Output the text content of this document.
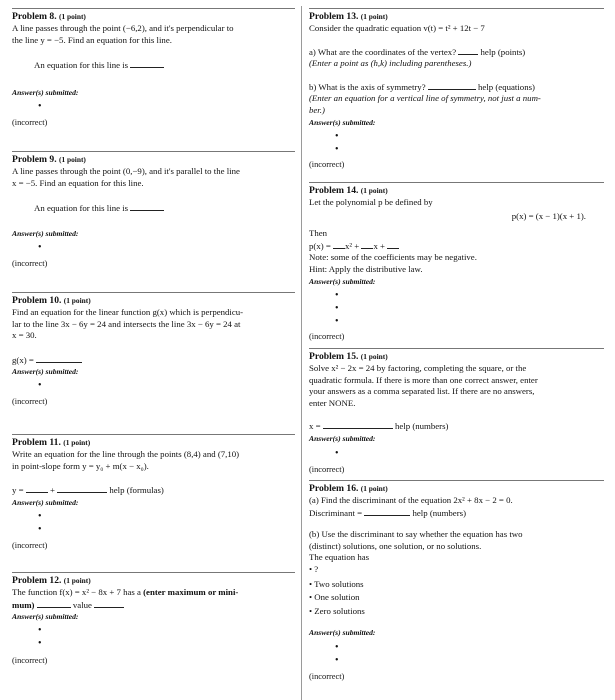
Problem 8. (1 point)
A line passes through the point (−6,2), and it's perpendicular to
the line y = −5. Find an equation for this line.
An equation for this line is
Answer(s) submitted:
•
(incorrect)
Problem 9. (1 point)
A line passes through the point (0,−9), and it's parallel to the line
x = −5. Find an equation for this line.
An equation for this line is
Answer(s) submitted:
•
(incorrect)
Problem 10. (1 point)
Find an equation for the linear function g(x) which is perpendicu-
lar to the line 3x − 6y = 24 and intersects the line 3x − 6y = 24 at
x = 30.
g(x) =
Answer(s) submitted:
•
(incorrect)
Problem 11. (1 point)
Write an equation for the line through the points (8,4) and (7,10)
in point-slope form y = y₀ + m(x − x₀).
y =	+	help (formulas)
Answer(s) submitted:
•
•
(incorrect)
Problem 12. (1 point)
The function f(x) = x² − 8x + 7 has a (enter maximum or mini-
mum)	value
Answer(s) submitted:
•
•
(incorrect)
Problem 13. (1 point)
Consider the quadratic equation v(t) = t² + 12t − 7
a) What are the coordinates of the vertex?	help (points)
(Enter a point as (h,k) including parentheses.)
b) What is the axis of symmetry?	help (equations)
(Enter an equation for a vertical line of symmetry, not just a num-
ber.)
Answer(s) submitted:
•
•
(incorrect)
Problem 14. (1 point)
Let the polynomial p be defined by
p(x) = (x − 1)(x + 1).
Then
p(x) = x² + x +
Note: some of the coefficients may be negative.
Hint: Apply the distributive law.
Answer(s) submitted:
•
•
•
(incorrect)
Problem 15. (1 point)
Solve x² − 2x = 24 by factoring, completing the square, or the
quadratic formula. If there is more than one correct answer, enter
your answers as a comma separated list. If there are no answers,
enter NONE.
x =	help (numbers)
Answer(s) submitted:
•
(incorrect)
Problem 16. (1 point)
(a) Find the discriminant of the equation 2x² + 8x − 2 = 0.
Discriminant =	help (numbers)
(b) Use the discriminant to say whether the equation has two
(distinct) solutions, one solution, or no solutions.
The equation has
• ?
• Two solutions
• One solution
• Zero solutions
Answer(s) submitted:
•
•
(incorrect)
